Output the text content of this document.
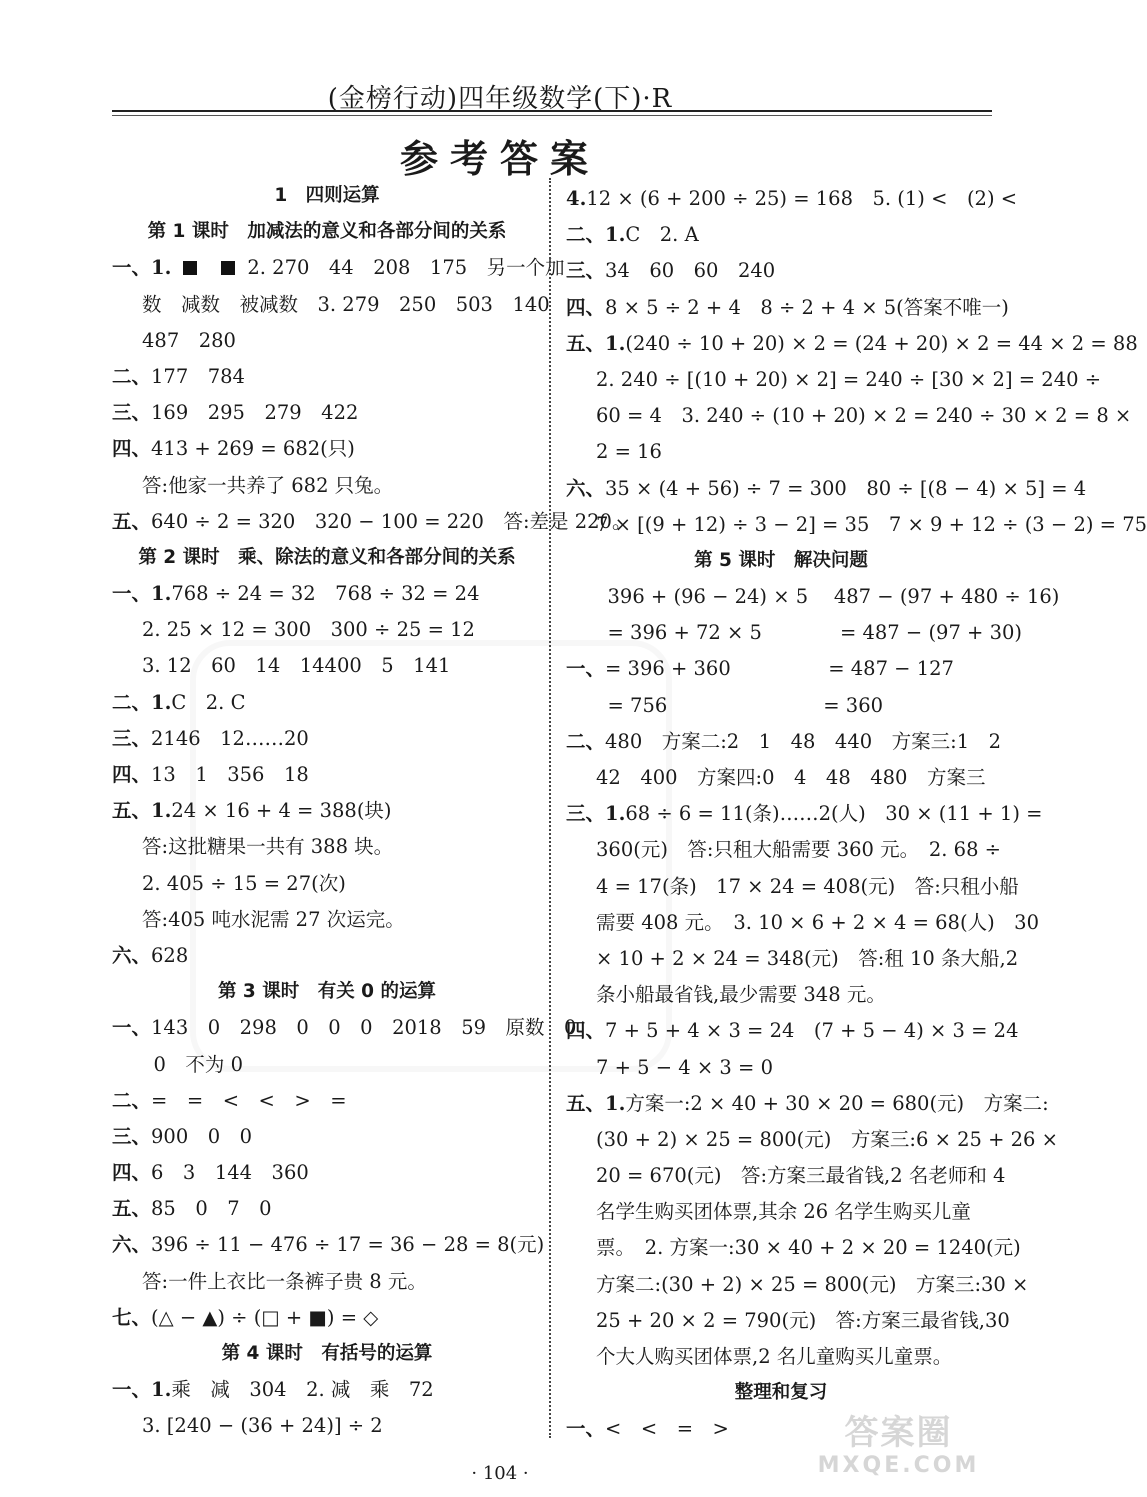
(金榜行动)四年级数学(下)·R
参考答案
1　四则运算
第 1 课时　加减法的意义和各部分间的关系
一、1.	2. 270　44　208　175　另一个加
数　减数　被减数　3. 279　250　503　140
487　280
二、177　784
三、169　295　279　422
四、413 + 269 = 682(只)
答:他家一共养了 682 只兔。
五、640 ÷ 2 = 320　320 − 100 = 220　答:差是 220。
第 2 课时　乘、除法的意义和各部分间的关系
一、1.768 ÷ 24 = 32　768 ÷ 32 = 24
2. 25 × 12 = 300　300 ÷ 25 = 12
3. 12　60　14　14400　5　141
二、1.C　2. C
三、2146　12……20
四、13　1　356　18
五、1.24 × 16 + 4 = 388(块)
答:这批糖果一共有 388 块。
2. 405 ÷ 15 = 27(次)
答:405 吨水泥需 27 次运完。
六、628
第 3 课时　有关 0 的运算
一、143　0　298　0　0　0　2018　59　原数　0
　0　不为 0
二、=　=　<　<　>　=
三、900　0　0
四、6　3　144　360
五、85　0　7　0
六、396 ÷ 11 − 476 ÷ 17 = 36 − 28 = 8(元)
答:一件上衣比一条裤子贵 8 元。
七、(△ − ▲) ÷ (□ + ■) = ◇
第 4 课时　有括号的运算
一、1.乘　减　304　2. 减　乘　72
3. [240 − (36 + 24)] ÷ 2
4.12 × (6 + 200 ÷ 25) = 168　5. (1) <　(2) <
二、1.C　2. A
三、34　60　60　240
四、8 × 5 ÷ 2 + 4　8 ÷ 2 + 4 × 5(答案不唯一)
五、1.(240 ÷ 10 + 20) × 2 = (24 + 20) × 2 = 44 × 2 = 88
2. 240 ÷ [(10 + 20) × 2] = 240 ÷ [30 × 2] = 240 ÷
60 = 4　3. 240 ÷ (10 + 20) × 2 = 240 ÷ 30 × 2 = 8 ×
2 = 16
六、35 × (4 + 56) ÷ 7 = 300　80 ÷ [(8 − 4) × 5] = 4
7 × [(9 + 12) ÷ 3 − 2] = 35　7 × 9 + 12 ÷ (3 − 2) = 75
第 5 课时　解决问题
　396 + (96 − 24) × 5　 487 − (97 + 480 ÷ 16)
　= 396 + 72 × 5　　　　= 487 − (97 + 30)
一、= 396 + 360　　　　　= 487 − 127
　= 756　　　　　　　　= 360
二、480　方案二:2　1　48　440　方案三:1　2
42　400　方案四:0　4　48　480　方案三
三、1.68 ÷ 6 = 11(条)……2(人)　30 × (11 + 1) =
360(元)　答:只租大船需要 360 元。　2. 68 ÷
4 = 17(条)　17 × 24 = 408(元)　答:只租小船
需要 408 元。　3. 10 × 6 + 2 × 4 = 68(人)　30
× 10 + 2 × 24 = 348(元)　答:租 10 条大船,2
条小船最省钱,最少需要 348 元。
四、7 + 5 + 4 × 3 = 24　(7 + 5 − 4) × 3 = 24
7 + 5 − 4 × 3 = 0
五、1.方案一:2 × 40 + 30 × 20 = 680(元)　方案二:
(30 + 2) × 25 = 800(元)　方案三:6 × 25 + 26 ×
20 = 670(元)　答:方案三最省钱,2 名老师和 4
名学生购买团体票,其余 26 名学生购买儿童
票。　2. 方案一:30 × 40 + 2 × 20 = 1240(元)
方案二:(30 + 2) × 25 = 800(元)　方案三:30 ×
25 + 20 × 2 = 790(元)　答:方案三最省钱,30
个大人购买团体票,2 名儿童购买儿童票。
整理和复习
一、<　<　=　>
· 104 ·
答案圈
MXQE.COM
